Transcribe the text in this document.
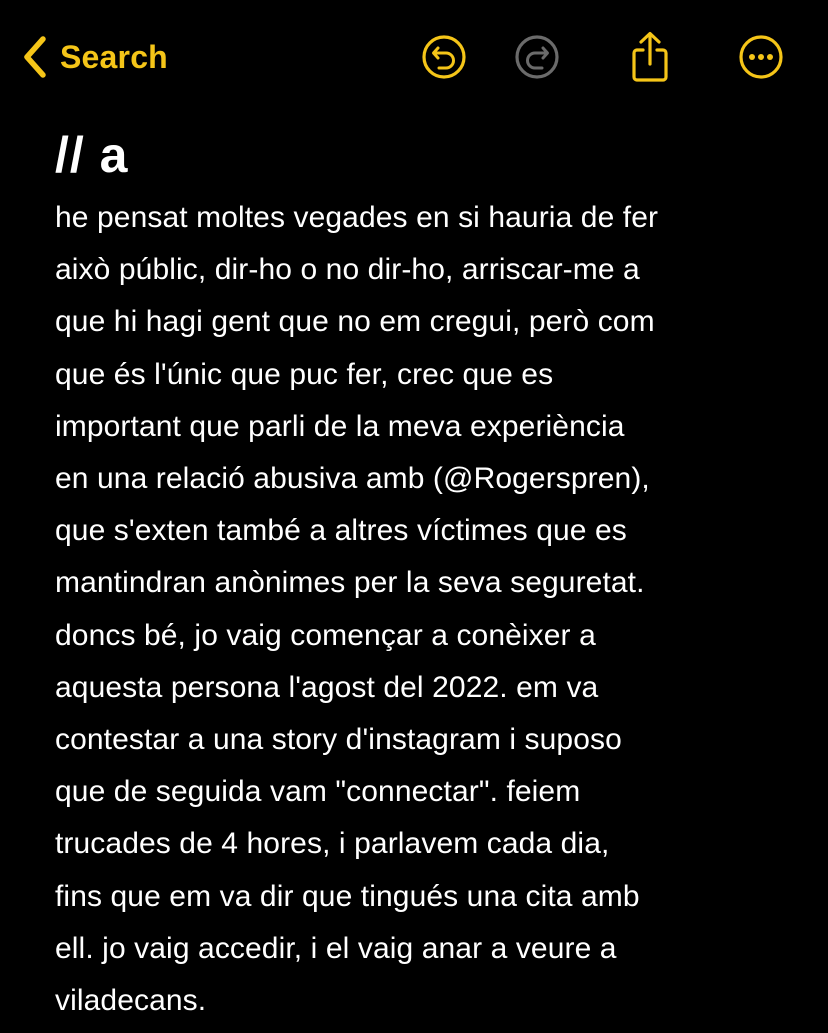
Search
// a
he pensat moltes vegades en si hauria de fer
això públic, dir-ho o no dir-ho, arriscar-me a
que hi hagi gent que no em cregui, però com
que és l'únic que puc fer, crec que es
important que parli de la meva experiència
en una relació abusiva amb (@Rogerspren),
que s'exten també a altres víctimes que es
mantindran anònimes per la seva seguretat.
doncs bé, jo vaig començar a conèixer a
aquesta persona l'agost del 2022. em va
contestar a una story d'instagram i suposo
que de seguida vam "connectar". feiem
trucades de 4 hores, i parlavem cada dia,
fins que em va dir que tingués una cita amb
ell. jo vaig accedir, i el vaig anar a veure a
viladecans.
